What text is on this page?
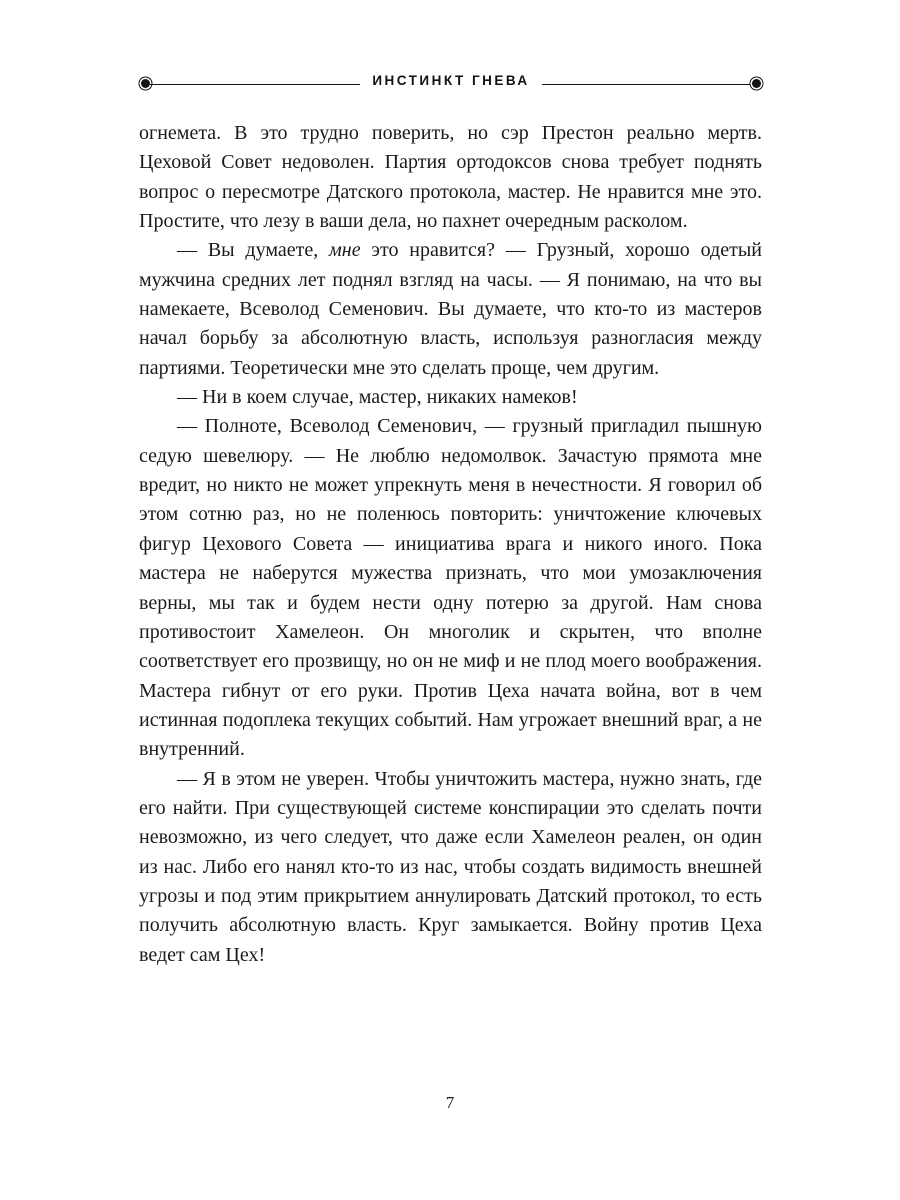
ИНСТИНКТ ГНЕВА

огнемета. В это трудно поверить, но сэр Престон реально мертв. Цеховой Совет недоволен. Партия ортодоксов снова требует поднять вопрос о пересмотре Датского протокола, мастер. Не нравится мне это. Простите, что лезу в ваши дела, но пахнет очередным расколом.

— Вы думаете, мне это нравится? — Грузный, хорошо одетый мужчина средних лет поднял взгляд на часы. — Я понимаю, на что вы намекаете, Всеволод Семенович. Вы думаете, что кто-то из мастеров начал борьбу за абсолютную власть, используя разногласия между партиями. Теоретически мне это сделать проще, чем другим.

— Ни в коем случае, мастер, никаких намеков!

— Полноте, Всеволод Семенович, — грузный пригладил пышную седую шевелюру. — Не люблю недомолвок. Зачастую прямота мне вредит, но никто не может упрекнуть меня в нечестности. Я говорил об этом сотню раз, но не поленюсь повторить: уничтожение ключевых фигур Цехового Совета — инициатива врага и никого иного. Пока мастера не наберутся мужества признать, что мои умозаключения верны, мы так и будем нести одну потерю за другой. Нам снова противостоит Хамелеон. Он многолик и скрытен, что вполне соответствует его прозвищу, но он не миф и не плод моего воображения. Мастера гибнут от его руки. Против Цеха начата война, вот в чем истинная подоплека текущих событий. Нам угрожает внешний враг, а не внутренний.

— Я в этом не уверен. Чтобы уничтожить мастера, нужно знать, где его найти. При существующей системе конспирации это сделать почти невозможно, из чего следует, что даже если Хамелеон реален, он один из нас. Либо его нанял кто-то из нас, чтобы создать видимость внешней угрозы и под этим прикрытием аннулировать Датский протокол, то есть получить абсолютную власть. Круг замыкается. Войну против Цеха ведет сам Цех!

7
